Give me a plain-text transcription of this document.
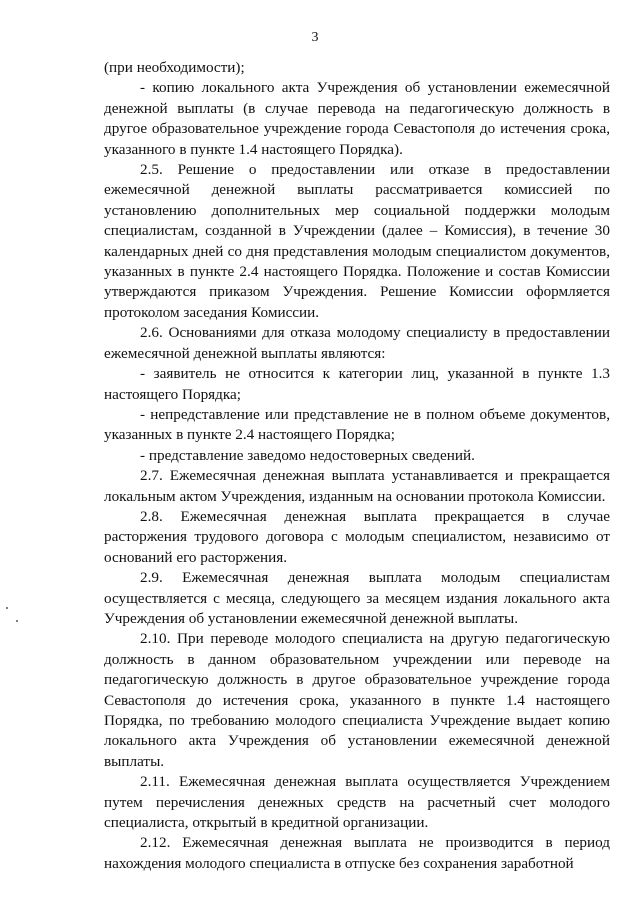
3

(при необходимости);

- копию локального акта Учреждения об установлении ежемесячной денежной выплаты (в случае перевода на педагогическую должность в другое образовательное учреждение города Севастополя до истечения срока, указанного в пункте 1.4 настоящего Порядка).

2.5. Решение о предоставлении или отказе в предоставлении ежемесячной денежной выплаты рассматривается комиссией по установлению дополнительных мер социальной поддержки молодым специалистам, созданной в Учреждении (далее – Комиссия), в течение 30 календарных дней со дня представления молодым специалистом документов, указанных в пункте 2.4 настоящего Порядка. Положение и состав Комиссии утверждаются приказом Учреждения. Решение Комиссии оформляется протоколом заседания Комиссии.

2.6. Основаниями для отказа молодому специалисту в предоставлении ежемесячной денежной выплаты являются:

- заявитель не относится к категории лиц, указанной в пункте 1.3 настоящего Порядка;

- непредставление или представление не в полном объеме документов, указанных в пункте 2.4 настоящего Порядка;

- представление заведомо недостоверных сведений.

2.7. Ежемесячная денежная выплата устанавливается и прекращается локальным актом Учреждения, изданным на основании протокола Комиссии.

2.8. Ежемесячная денежная выплата прекращается в случае расторжения трудового договора с молодым специалистом, независимо от оснований его расторжения.

2.9. Ежемесячная денежная выплата молодым специалистам осуществляется с месяца, следующего за месяцем издания локального акта Учреждения об установлении ежемесячной денежной выплаты.

2.10. При переводе молодого специалиста на другую педагогическую должность в данном образовательном учреждении или переводе на педагогическую должность в другое образовательное учреждение города Севастополя до истечения срока, указанного в пункте 1.4 настоящего Порядка, по требованию молодого специалиста Учреждение выдает копию локального акта Учреждения об установлении ежемесячной денежной выплаты.

2.11. Ежемесячная денежная выплата осуществляется Учреждением путем перечисления денежных средств на расчетный счет молодого специалиста, открытый в кредитной организации.

2.12. Ежемесячная денежная выплата не производится в период нахождения молодого специалиста в отпуске без сохранения заработной
